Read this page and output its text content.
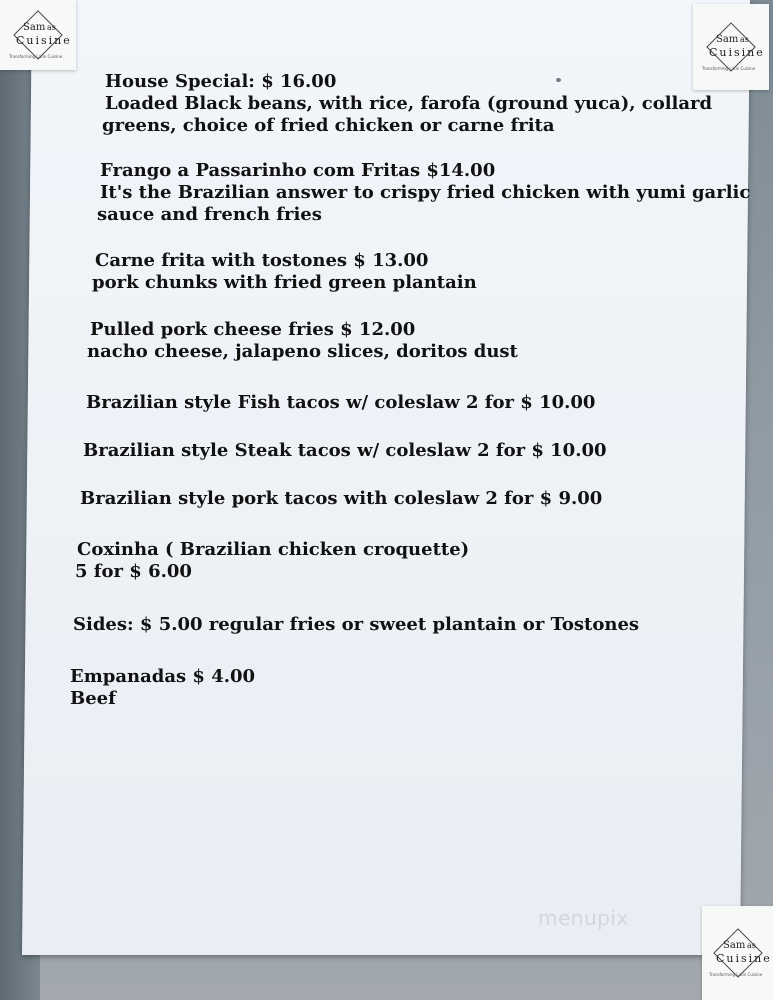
Sam as
Cuisine
Transforming Latin Cuisine
Sam as
Cuisine
Transforming Latin Cuisine
Sam as
Cuisine
Transforming Latin Cuisine
House Special: $ 16.00
Loaded Black beans, with rice, farofa (ground yuca), collard
greens, choice of fried chicken or carne frita
Frango a Passarinho com Fritas $14.00
It's the Brazilian answer to crispy fried chicken with yumi garlic
sauce and french fries
Carne frita with tostones $ 13.00
pork chunks with fried green plantain
Pulled pork cheese fries $ 12.00
nacho cheese, jalapeno slices, doritos dust
Brazilian style Fish tacos w/ coleslaw 2 for $ 10.00
Brazilian style Steak tacos w/ coleslaw 2 for $ 10.00
Brazilian style pork tacos with coleslaw 2 for $ 9.00
Coxinha ( Brazilian chicken croquette)
5 for $ 6.00
Sides: $ 5.00 regular fries or sweet plantain or Tostones
Empanadas $ 4.00
Beef
menupix
